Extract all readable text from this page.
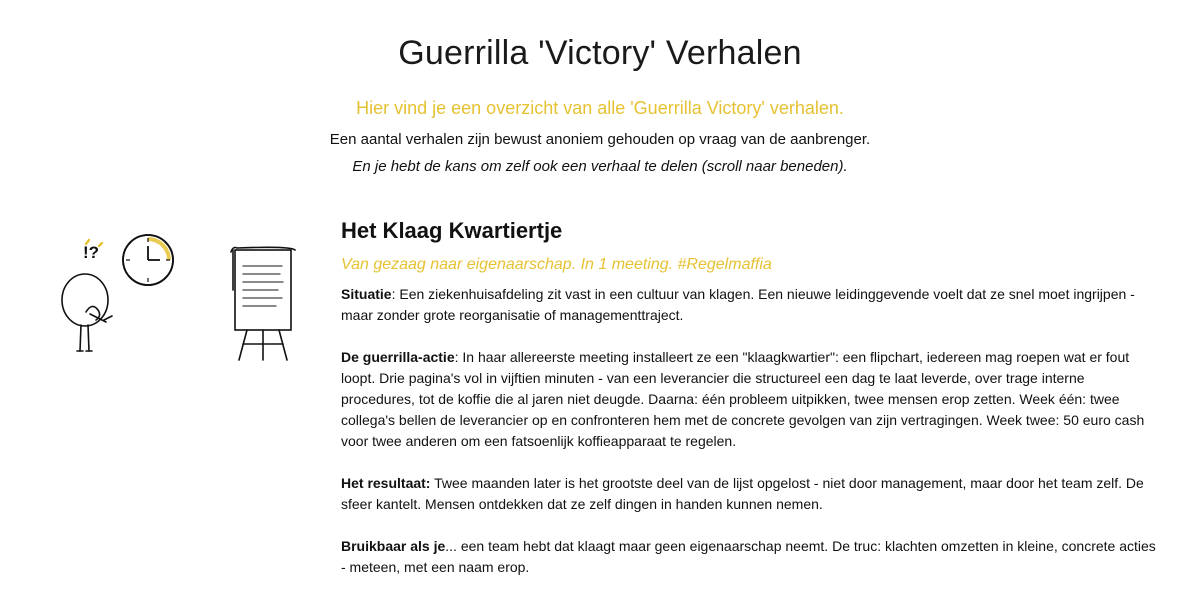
Guerrilla 'Victory' Verhalen

Hier vind je een overzicht van alle 'Guerrilla Victory' verhalen.

Een aantal verhalen zijn bewust anoniem gehouden op vraag van de aanbrenger.

En je hebt de kans om zelf ook een verhaal te delen (scroll naar beneden).

!?
Het Klaag Kwartiertje

Van gezaag naar eigenaarschap. In 1 meeting. #Regelmaffia

Situatie: Een ziekenhuisafdeling zit vast in een cultuur van klagen. Een nieuwe leidinggevende voelt dat ze snel moet ingrijpen - maar zonder grote reorganisatie of managementtraject.

De guerrilla-actie: In haar allereerste meeting installeert ze een "klaagkwartier": een flipchart, iedereen mag roepen wat er fout loopt. Drie pagina's vol in vijftien minuten - van een leverancier die structureel een dag te laat leverde, over trage interne procedures, tot de koffie die al jaren niet deugde. Daarna: één probleem uitpikken, twee mensen erop zetten. Week één: twee collega's bellen de leverancier op en confronteren hem met de concrete gevolgen van zijn vertragingen. Week twee: 50 euro cash voor twee anderen om een fatsoenlijk koffieapparaat te regelen.

Het resultaat: Twee maanden later is het grootste deel van de lijst opgelost - niet door management, maar door het team zelf. De sfeer kantelt. Mensen ontdekken dat ze zelf dingen in handen kunnen nemen.

Bruikbaar als je... een team hebt dat klaagt maar geen eigenaarschap neemt. De truc: klachten omzetten in kleine, concrete acties - meteen, met een naam erop.
